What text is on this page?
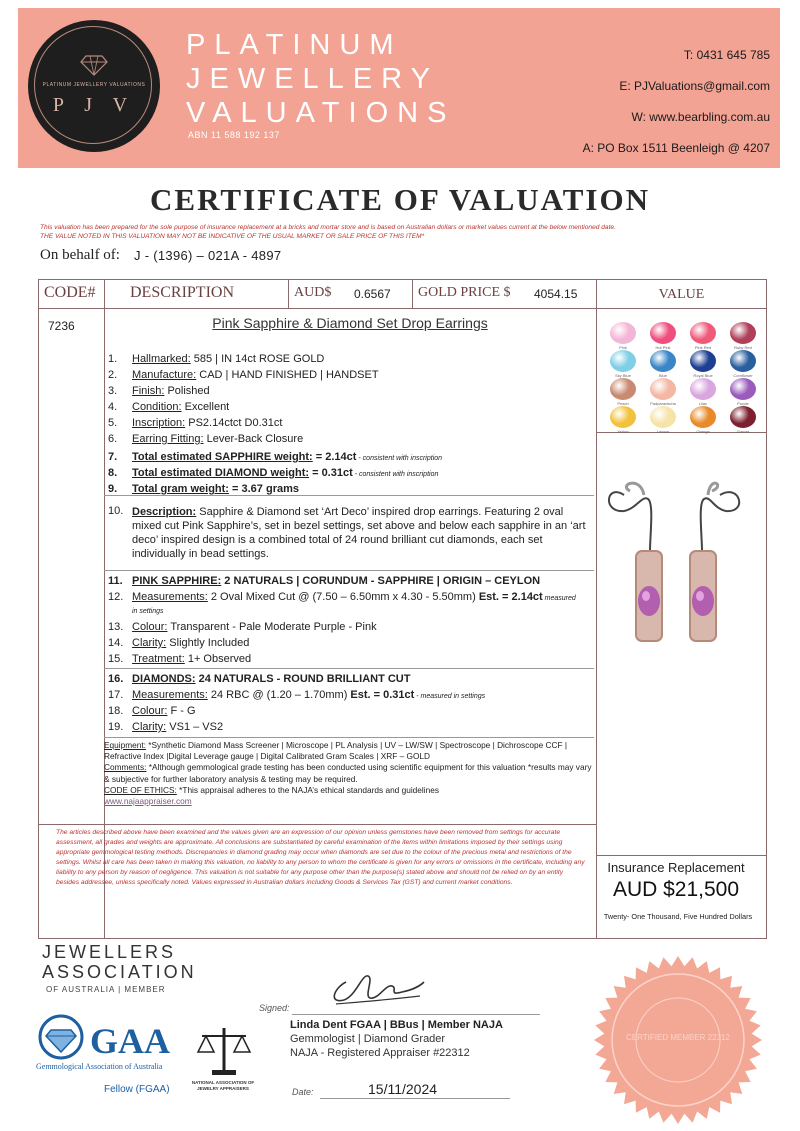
PLATINUM JEWELLERY VALUATIONS
P J V
PLATINUM
JEWELLERY
VALUATIONS
ABN 11 588 192 137
T: 0431 645 785
E: PJValuations@gmail.com
W: www.bearbling.com.au
A: PO Box 1511 Beenleigh @ 4207
CERTIFICATE OF VALUATION
This valuation has been prepared for the sole purpose of insurance replacement at a bricks and mortar store and is based on Australian dollars or market values current at the below mentioned date.
THE VALUE NOTED IN THIS VALUATION MAY NOT BE INDICATIVE OF THE USUAL MARKET OR SALE PRICE OF THIS ITEM*
On behalf of: J - (1396) – 021A - 4897
CODE# DESCRIPTION	AUD$ 0.6567 GOLD PRICE $ 4054.15	VALUE
7236	Pink Sapphire & Diamond Set Drop Earrings
1. Hallmarked: 585 | IN 14ct ROSE GOLD
2. Manufacture: CAD | HAND FINISHED | HANDSET
3. Finish: Polished
4. Condition: Excellent
5. Inscription: PS2.14ctct D0.31ct
6. Earring Fitting: Lever-Back Closure
7. Total estimated SAPPHIRE weight: = 2.14ct - consistent with inscription
8. Total estimated DIAMOND weight: = 0.31ct - consistent with inscription
9. Total gram weight: = 3.67 grams
10. Description: Sapphire & Diamond set ‘Art Deco’ inspired drop earrings. Featuring 2 oval mixed cut Pink Sapphire’s, set in bezel settings, set above and below each sapphire in an ‘art deco’ inspired design is a combined total of 24 round brilliant cut diamonds, each set individually in bead settings.
11. PINK SAPPHIRE: 2 NATURALS | CORUNDUM - SAPPHIRE | ORIGIN – CEYLON
12. Measurements: 2 Oval Mixed Cut @ (7.50 – 6.50mm x 4.30 - 5.50mm) Est. = 2.14ct measured
in settings
13. Colour: Transparent - Pale Moderate Purple - Pink
14. Clarity: Slightly Included
15. Treatment: 1+ Observed
16. DIAMONDS: 24 NATURALS - ROUND BRILLIANT CUT
17. Measurements: 24 RBC @ (1.20 – 1.70mm) Est. = 0.31ct - measured in settings
18. Colour: F - G
19. Clarity: VS1 – VS2
Equipment: *Synthetic Diamond Mass Screener | Microscope | PL Analysis | UV – LW/SW | Spectroscope | Dichroscope CCF | Refractive Index |Digital Leverage gauge | Digital Calibrated Gram Scales | XRF – GOLD
Comments: *Although gemmological grade testing has been conducted using scientific equipment for this valuation *results may vary & subjective for further laboratory analysis & testing may be required.
CODE OF ETHICS: *This appraisal adheres to the NAJA’s ethical standards and guidelines
www.najaappraiser.com
The articles described above have been examined and the values given are an expression of our opinion unless gemstones have been removed from settings for accurate assessment, all grades and weights are approximate. All conclusions are substantiated by careful examination of the items within limitations imposed by their settings using appropriate gemmological testing methods. Discrepancies in diamond grading may occur when diamonds are set due to the colour of the precious metal and restrictions of the settings. Whilst all care has been taken in making this valuation, no liability to any person to whom the certificate is given for any errors or omissions in the certificate, including any liability to any person by reason of negligence. This valuation is not suitable for any purpose other than the purpose(s) stated above and should not be relied on by an entity besides addressee, unless specifically noted. Values expressed in Australian dollars including Goods & Services Tax (GST) and current market conditions.
Insurance Replacement
AUD $21,500
Twenty- One Thousand, Five Hundred Dollars
JEWELLERS
ASSOCIATION
OF AUSTRALIA | MEMBER
GAA
Gemmological Association of Australia
Fellow (FGAA)
NATIONAL ASSOCIATION OF JEWELRY APPRAISERS
Signed:
Linda Dent FGAA | BBus | Member NAJA
Gemmologist | Diamond Grader
NAJA - Registered Appraiser #22312
Date:	15/11/2024
CERTIFIED MEMBER 22312
Pink	Hot Pink	Pink Red	Ruby Red
Sky Blue	Blue	Royal Blue	Cornflower
Peach	Padparadscha	Lilac	Purple
Yellow	Lemon	Orange	Garnet
